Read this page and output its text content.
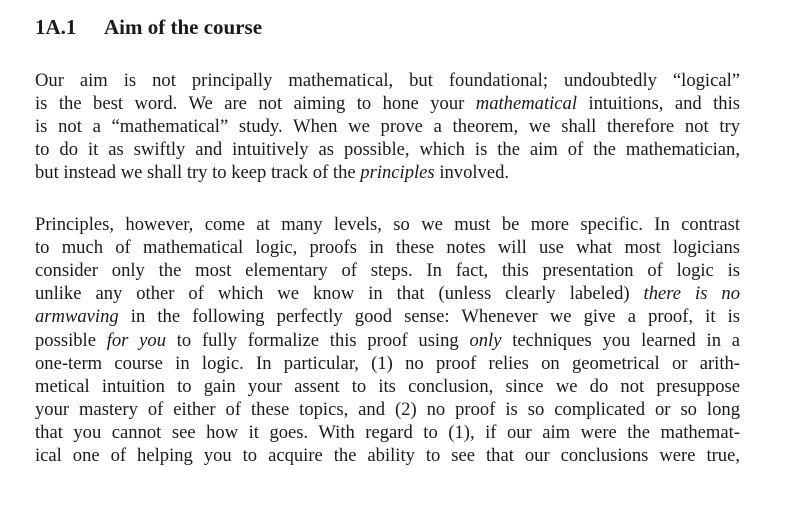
1A.1 Aim of the course
Our aim is not principally mathematical, but foundational; undoubtedly “logical”
is the best word. We are not aiming to hone your mathematical intuitions, and this
is not a “mathematical” study. When we prove a theorem, we shall therefore not try
to do it as swiftly and intuitively as possible, which is the aim of the mathematician,
but instead we shall try to keep track of the principles involved.
Principles, however, come at many levels, so we must be more specific. In contrast
to much of mathematical logic, proofs in these notes will use what most logicians
consider only the most elementary of steps. In fact, this presentation of logic is
unlike any other of which we know in that (unless clearly labeled) there is no
armwaving in the following perfectly good sense: Whenever we give a proof, it is
possible for you to fully formalize this proof using only techniques you learned in a
one-term course in logic. In particular, (1) no proof relies on geometrical or arith-
metical intuition to gain your assent to its conclusion, since we do not presuppose
your mastery of either of these topics, and (2) no proof is so complicated or so long
that you cannot see how it goes. With regard to (1), if our aim were the mathemat-
ical one of helping you to acquire the ability to see that our conclusions were true,
